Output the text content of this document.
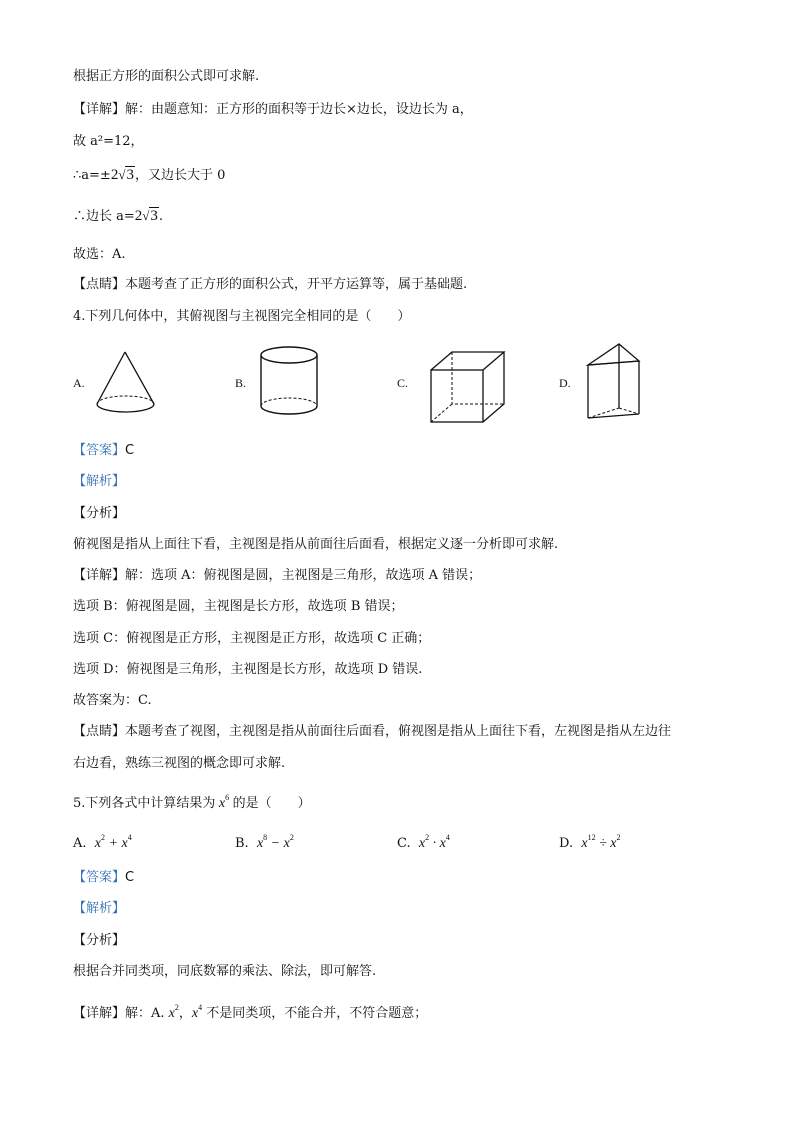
根据正方形的面积公式即可求解.
【详解】解：由题意知：正方形的面积等于边长×边长，设边长为 a，
故 a²=12，
∴a=±2√3，又边长大于 0
∴边长 a=2√3.
故选：A.
【点睛】本题考查了正方形的面积公式，开平方运算等，属于基础题.
4.下列几何体中，其俯视图与主视图完全相同的是（　　）
A.	B.	C.	D.
【答案】C
【解析】
【分析】
俯视图是指从上面往下看，主视图是指从前面往后面看，根据定义逐一分析即可求解.
【详解】解：选项 A：俯视图是圆，主视图是三角形，故选项 A 错误；
选项 B：俯视图是圆，主视图是长方形，故选项 B 错误；
选项 C：俯视图是正方形，主视图是正方形，故选项 C 正确；
选项 D：俯视图是三角形，主视图是长方形，故选项 D 错误.
故答案为：C.
【点睛】本题考查了视图，主视图是指从前面往后面看，俯视图是指从上面往下看，左视图是指从左边往
右边看，熟练三视图的概念即可求解.
5.下列各式中计算结果为 $x^6$ 的是（　　）
A. $x^2 + x^4$	B. $x^8 - x^2$	C. $x^2 \cdot x^4$	D. $x^{12} \div x^2$
【答案】C
【解析】
【分析】
根据合并同类项，同底数幂的乘法、除法，即可解答.
【详解】解：A. $x^2$，$x^4$ 不是同类项，不能合并，不符合题意；
